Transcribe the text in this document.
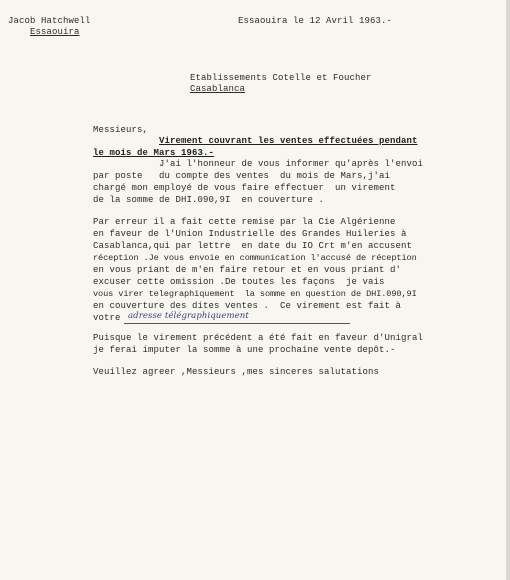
Jacob Hatchwell
Essaouira
Essaouira le 12 Avril 1963.-
Etablissements Cotelle et Foucher
Casablanca
Messieurs,
Virement couvrant les ventes effectuées pendant
le mois de Mars 1963.-
J'ai l'honneur de vous informer qu'après l'envoi
par poste   du compte des ventes  du mois de Mars,j'ai
chargé mon employé de vous faire effectuer  un virement
de la somme de DHI.090,9I  en couverture .
Par erreur il a fait cette remise par la Cie Algérienne
en faveur de l'Union Industrielle des Grandes Huileries à
Casablanca,qui par lettre  en date du IO Crt m'en accusent
réception .Je vous envoie en communication l'accusé de réception
en vous priant de m'en faire retour et en vous priant d'
excuser cette omission .De toutes les façons  je vais
vous virer telegraphiquement  la somme en question de DHI.090,9I
en couverture des dites ventes .  Ce virement est fait à
votre adresse télégraphiquement
Puisque le virement précédent a été fait en faveur d'Unigral
je ferai imputer la somme à une prochaine vente depôt.-
Veuillez agreer ,Messieurs ,mes sinceres salutations
